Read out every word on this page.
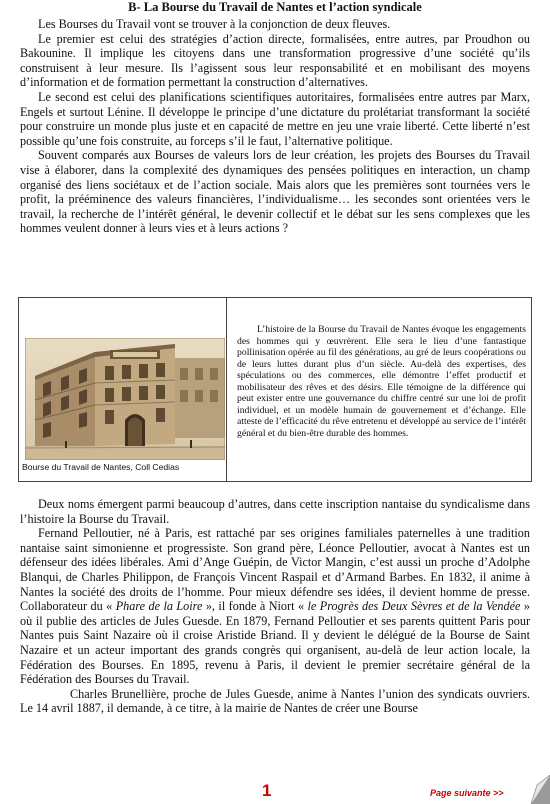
B- La Bourse du Travail de Nantes et l’action syndicale

Les Bourses du Travail vont se trouver à la conjonction de deux fleuves.

Le premier est celui des stratégies d’action directe, formalisées, entre autres, par Proudhon ou Bakounine. Il implique les citoyens dans une transformation progressive d’une société qu’ils construisent à leur mesure. Ils l’agissent sous leur responsabilité et en mobilisant des moyens d’information et de formation permettant la construction d’alternatives.

Le second est celui des planifications scientifiques autoritaires, formalisées entre autres par Marx, Engels et surtout Lénine. Il développe le principe d’une dictature du prolétariat transformant la société pour construire un monde plus juste et en capacité de mettre en jeu une vraie liberté. Cette liberté n’est possible qu’une fois construite, au forceps s’il le faut, l’alternative politique.

Souvent comparés aux Bourses de valeurs lors de leur création, les projets des Bourses du Travail vise à élaborer, dans la complexité des dynamiques des pensées politiques en interaction, un champ organisé des liens sociétaux et de l’action sociale. Mais alors que les premières sont tournées vers le profit, la prééminence des valeurs financières, l’individualisme… les secondes sont orientées vers le travail, la recherche de l’intérêt général, le devenir collectif et le débat sur les sens complexes que les hommes veulent donner à leurs vies et à leurs actions ?

Bourse du Travail de Nantes, Coll Cedias

L’histoire de la Bourse du Travail de Nantes évoque les engagements des hommes qui y œuvrèrent. Elle sera le lieu d’une fantastique pollinisation opérée au fil des générations, au gré de leurs coopérations ou de leurs luttes durant plus d’un siècle. Au-delà des expertises, des spéculations ou des commerces, elle démontre l’effet productif et mobilisateur des rêves et des désirs. Elle témoigne de la différence qui peut exister entre une gouvernance du chiffre centré sur une loi de profit individuel, et un modèle humain de gouvernement et d’échange. Elle atteste de l’efficacité du rêve entretenu et développé au service de l’intérêt général et du bien-être durable des hommes.

Deux noms émergent parmi beaucoup d’autres, dans cette inscription nantaise du syndicalisme dans l’histoire la Bourse du Travail.

Fernand Pelloutier, né à Paris, est rattaché par ses origines familiales paternelles à une tradition nantaise saint simonienne et progressiste. Son grand père, Léonce Pelloutier, avocat à Nantes est un défenseur des idées libérales. Ami d’Ange Guépin, de Victor Mangin, c’est aussi un proche d’Adolphe Blanqui, de Charles Philippon, de François Vincent Raspail et d’Armand Barbes. En 1832, il anime à Nantes la société des droits de l’homme. Pour mieux défendre ses idées, il devient homme de presse. Collaborateur du « Phare de la Loire », il fonde à Niort « le Progrès des Deux Sèvres et de la Vendée » où il publie des articles de Jules Guesde. En 1879, Fernand Pelloutier et ses parents quittent Paris pour Nantes puis Saint Nazaire où il croise Aristide Briand. Il y devient le délégué de la Bourse de Saint Nazaire et un acteur important des grands congrès qui organisent, au-delà de leur action locale, la Fédération des Bourses. En 1895, revenu à Paris, il devient le premier secrétaire général de la Fédération des Bourses du Travail.

Charles Brunellière, proche de Jules Guesde, anime à Nantes l’union des syndicats ouvriers. Le 14 avril 1887, il demande, à ce titre, à la mairie de Nantes de créer une Bourse

1	Page suivante >>
